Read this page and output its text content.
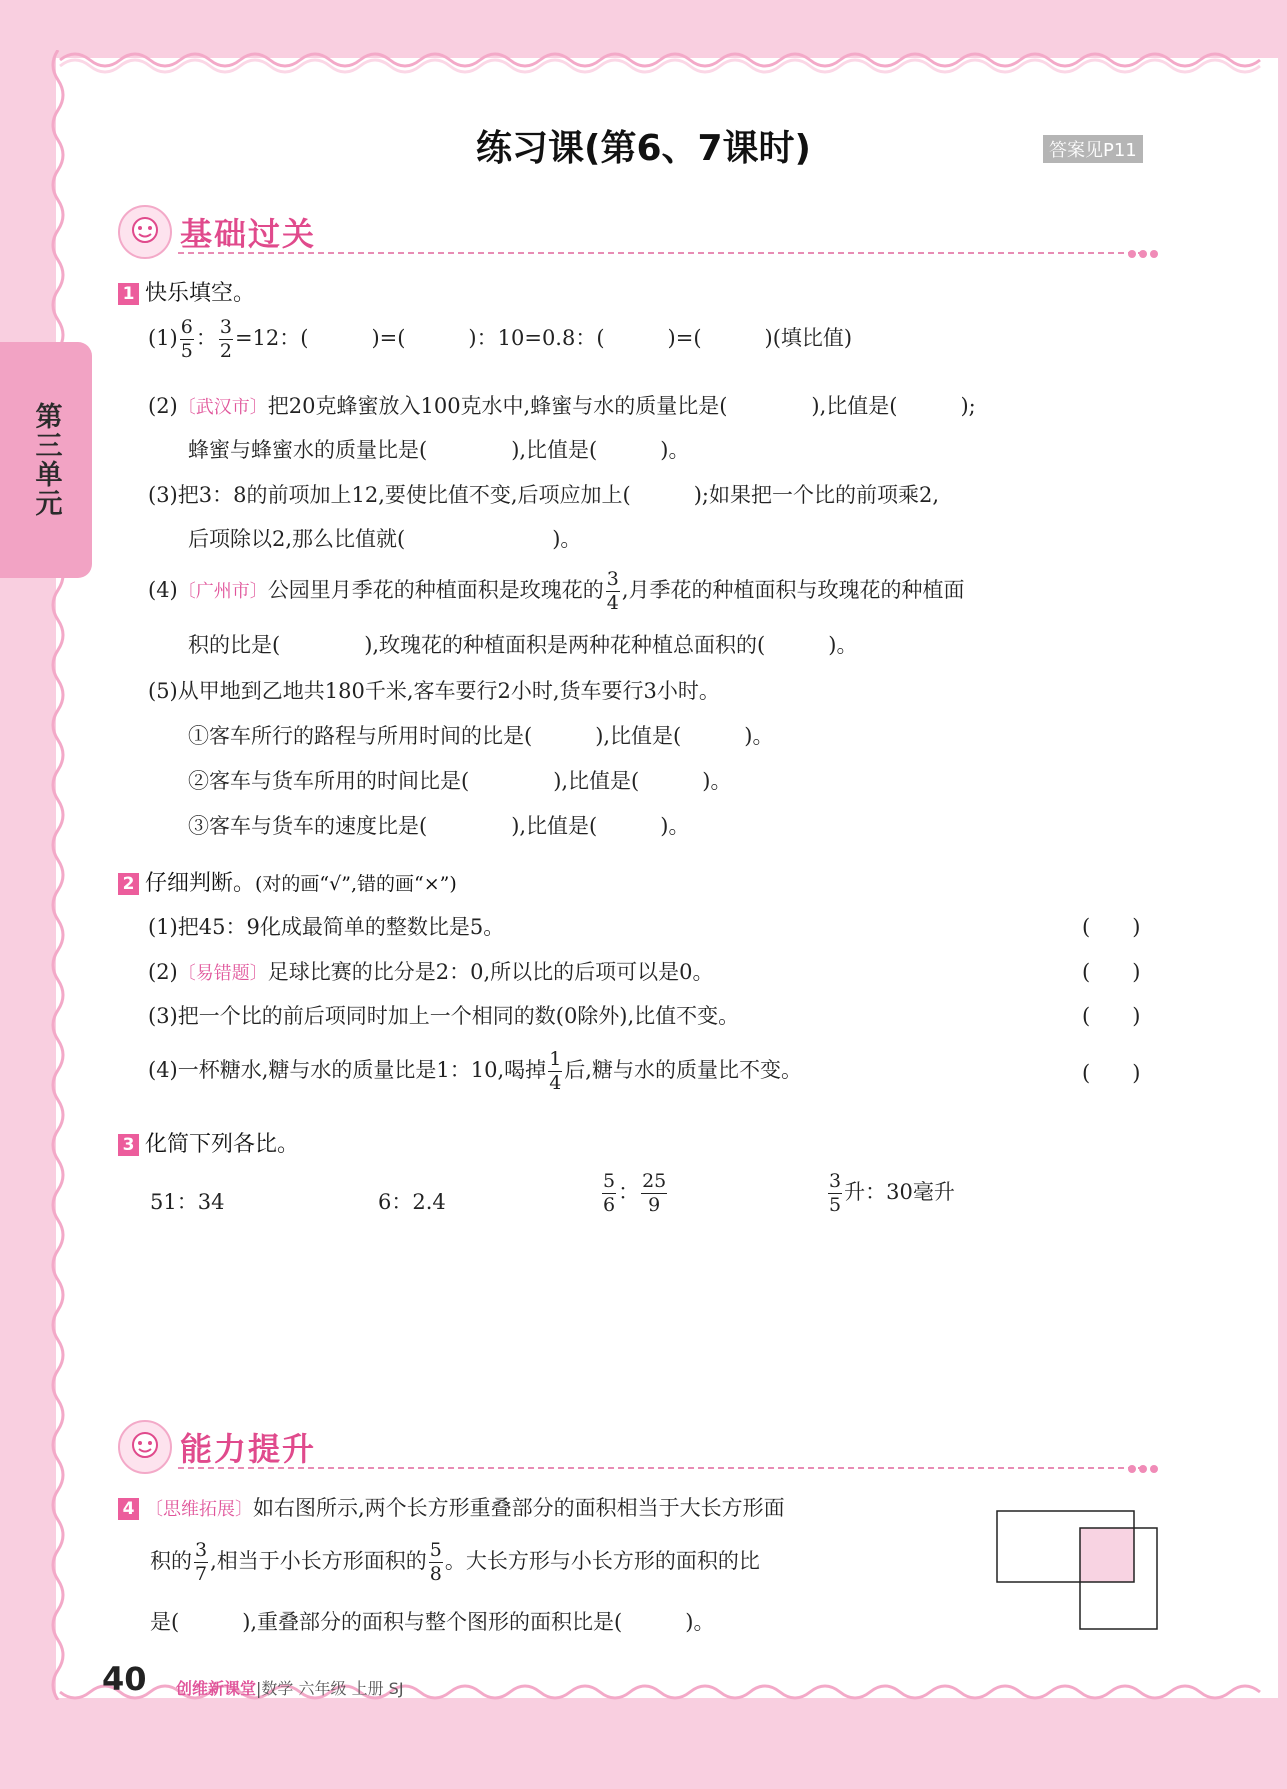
第三单元
练习课(第6、7课时)	答案见P11
基础过关
1 快乐填空。
$(1) \frac{6}{5}$ ： $\frac{3}{2} =12$：(　　　)=(　　　)：10=0.8：(　　　)=(　　　)(填比值)
(2)〔武汉市〕把20克蜂蜜放入100克水中,蜂蜜与水的质量比是(　　　　),比值是(　　　);
蜂蜜与蜂蜜水的质量比是(　　　　),比值是(　　　)。
(3)把3：8的前项加上12,要使比值不变,后项应加上(　　　);如果把一个比的前项乘2,
后项除以2,那么比值就(　　　　　　　)。
(4)〔广州市〕公园里月季花的种植面积是玫瑰花的 $\frac{3}{4}$ ,月季花的种植面积与玫瑰花的种植面
积的比是(　　　　),玫瑰花的种植面积是两种花种植总面积的(　　　)。
(5)从甲地到乙地共180千米,客车要行2小时,货车要行3小时。
①客车所行的路程与所用时间的比是(　　　),比值是(　　　)。
②客车与货车所用的时间比是(　　　　),比值是(　　　)。
③客车与货车的速度比是(　　　　),比值是(　　　)。
2 仔细判断。(对的画“√”,错的画“×”)
(1)把45：9化成最简单的整数比是5。	(　　)
(2)〔易错题〕足球比赛的比分是2：0,所以比的后项可以是0。	(　　)
(3)把一个比的前后项同时加上一个相同的数(0除外),比值不变。	(　　)
(4)一杯糖水,糖与水的质量比是1：10,喝掉 $\frac{1}{4}$ 后,糖与水的质量比不变。	(　　)
3 化简下列各比。
51：34	6：2.4	$\frac{5}{6}$ ： $\frac{25}{9}$	$\frac{3}{5}$ 升：30毫升
能力提升
4 〔思维拓展〕如右图所示,两个长方形重叠部分的面积相当于大长方形面
积的 $\frac{3}{7}$ ,相当于小长方形面积的 $\frac{5}{8}$ 。大长方形与小长方形的面积的比
是(　　　),重叠部分的面积与整个图形的面积比是(　　　)。
40 创维新课堂|数学 六年级 上册 SJ
